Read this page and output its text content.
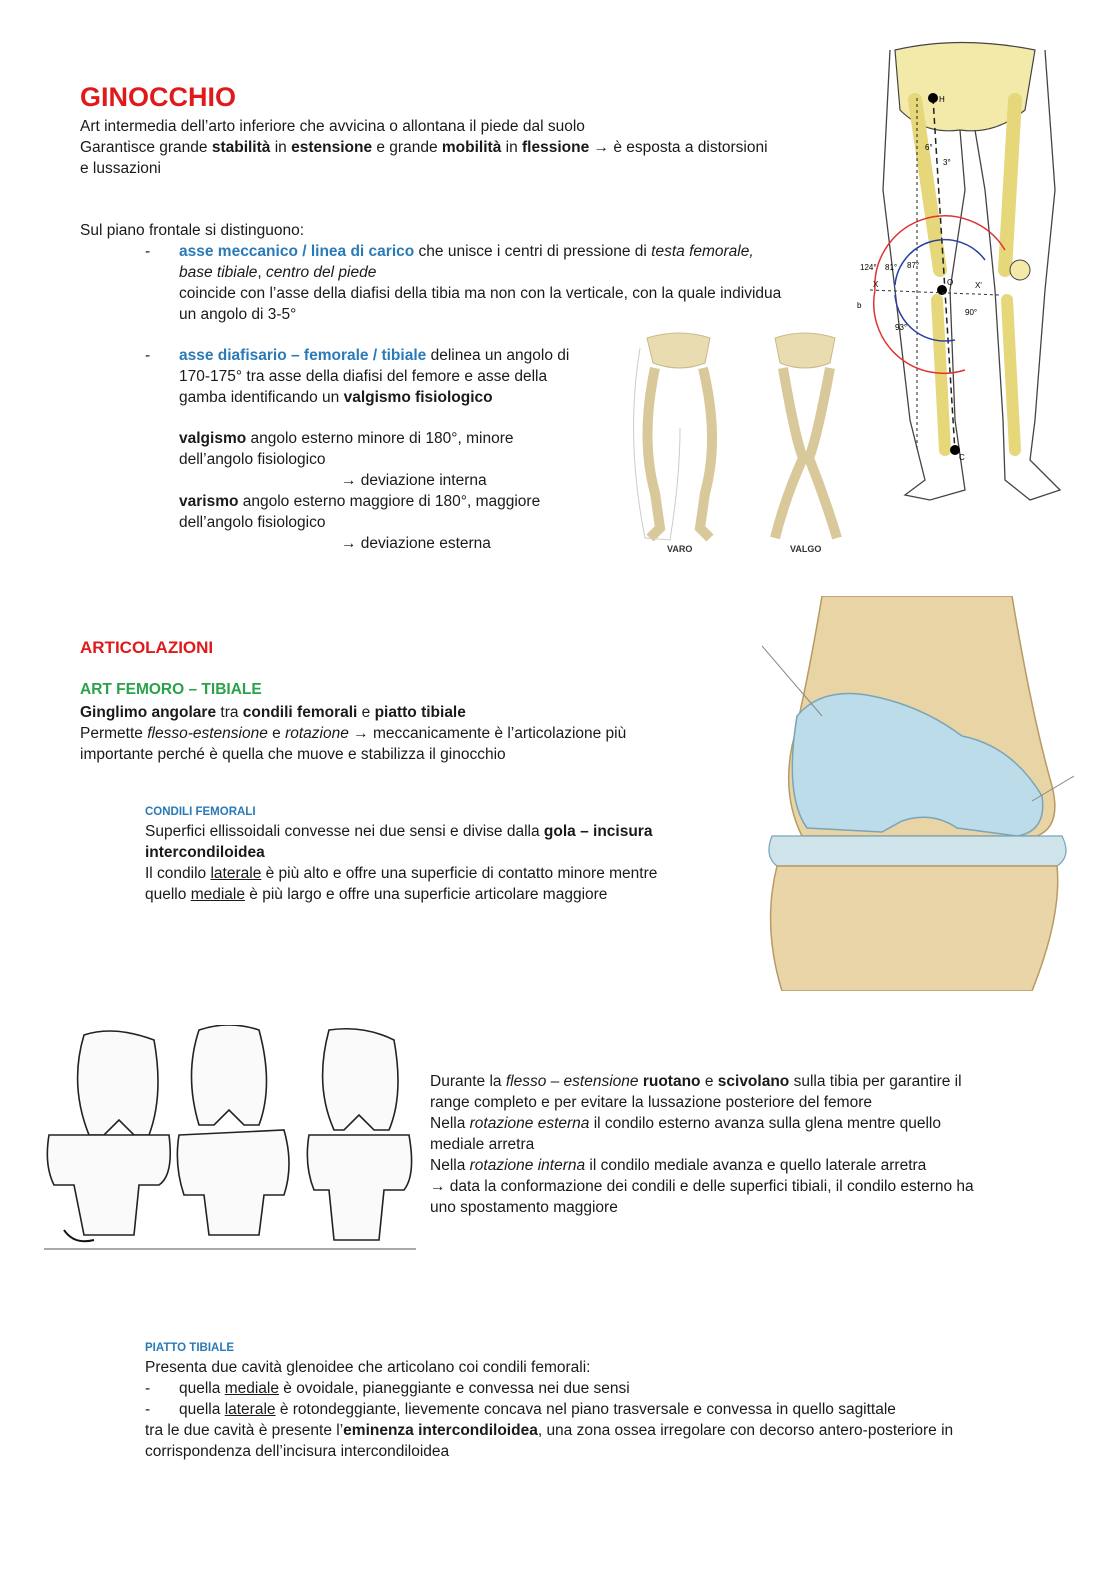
GINOCCHIO
Art intermedia dell’arto inferiore che avvicina o allontana il piede dal suolo
Garantisce grande stabilità in estensione e grande mobilità in flessione → è esposta a distorsioni
e lussazioni
Sul piano frontale si distinguono:
- asse meccanico / linea di carico che unisce i centri di pressione di testa femorale,
base tibiale, centro del piede
coincide con l’asse della diafisi della tibia ma non con la verticale, con la quale individua
un angolo di 3-5°
- asse diafisario – femorale / tibiale delinea un angolo di
170-175° tra asse della diafisi del femore e asse della
gamba identificando un valgismo fisiologico
valgismo angolo esterno minore di 180°, minore
dell’angolo fisiologico
→ deviazione interna
varismo angolo esterno maggiore di 180°, maggiore
dell’angolo fisiologico
→ deviazione esterna
6°
3°
81° 87°
124°
90°
93°
H
O
C
X	X'
b
VARO	VALGO
ARTICOLAZIONI
ART FEMORO – TIBIALE
Ginglimo angolare tra condili femorali e piatto tibiale
Permette flesso-estensione e rotazione → meccanicamente è l’articolazione più
importante perché è quella che muove e stabilizza il ginocchio
CONDILI FEMORALI
Superfici ellissoidali convesse nei due sensi e divise dalla gola – incisura
intercondiloidea
Il condilo laterale è più alto e offre una superficie di contatto minore mentre
quello mediale è più largo e offre una superficie articolare maggiore
Durante la flesso – estensione ruotano e scivolano sulla tibia per garantire il
range completo e per evitare la lussazione posteriore del femore
Nella rotazione esterna il condilo esterno avanza sulla glena mentre quello
mediale arretra
Nella rotazione interna il condilo mediale avanza e quello laterale arretra
→ data la conformazione dei condili e delle superfici tibiali, il condilo esterno ha
uno spostamento maggiore
PIATTO TIBIALE
Presenta due cavità glenoidee che articolano coi condili femorali:
- quella mediale è ovoidale, pianeggiante e convessa nei due sensi
- quella laterale è rotondeggiante, lievemente concava nel piano trasversale e convessa in quello sagittale
tra le due cavità è presente l’eminenza intercondiloidea, una zona ossea irregolare con decorso antero-posteriore in
corrispondenza dell’incisura intercondiloidea
